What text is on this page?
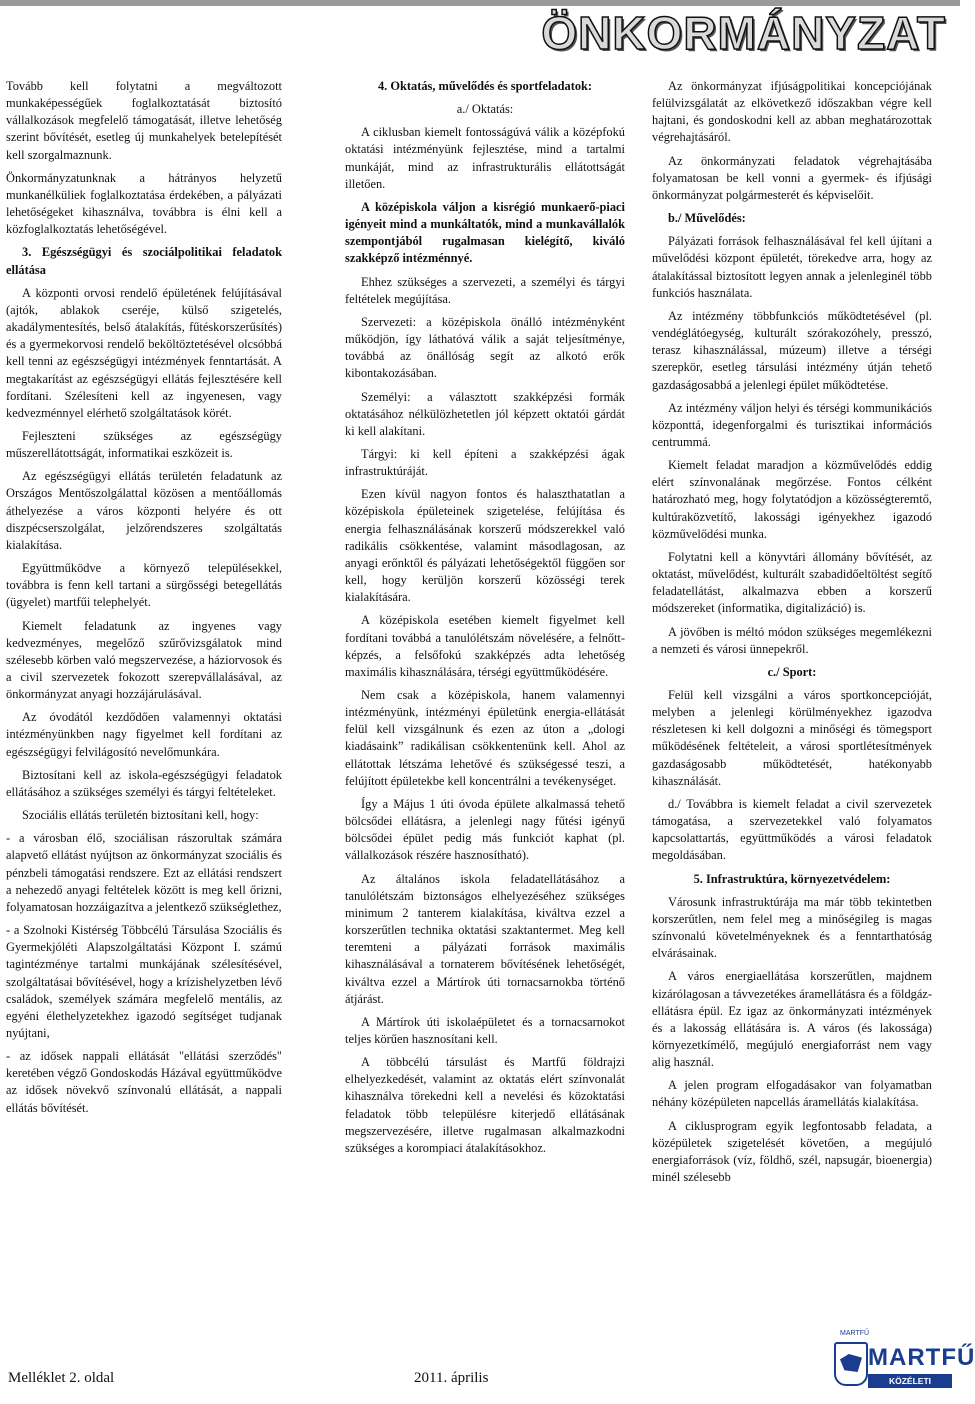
ÖNKORMÁNYZAT

Tovább kell folytatni a megváltozott munkaképességűek foglalkoztatását biztosító vállalkozások megfelelő támogatását, illetve lehetőség szerint bővítését, esetleg új munkahelyek betelepítését kell szorgalmaznunk.

Önkormányzatunknak a hátrányos helyzetű munkanélküliek foglalkoztatása érdekében, a pályázati lehetőségeket kihasználva, továbbra is élni kell a közfoglalkoztatás lehetőségével.

3. Egészségügyi és szociálpolitikai feladatok ellátása

A központi orvosi rendelő épületének felújításával (ajtók, ablakok cseréje, külső szigetelés, akadálymentesítés, belső átalakítás, fűtéskorszerűsítés) és a gyermekorvosi rendelő beköltöztetésével olcsóbbá kell tenni az egészségügyi intézmények fenntartását. A megtakarítást az egészségügyi ellátás fejlesztésére kell fordítani. Szélesíteni kell az ingyenesen, vagy kedvezménnyel elérhető szolgáltatások körét.

Fejleszteni szükséges az egészségügy műszerellátottságát, informatikai eszközeit is.

Az egészségügyi ellátás területén feladatunk az Országos Mentőszolgálattal közösen a mentőállomás áthelyezése a város központi helyére és ott diszpécserszolgálat, jelzőrendszeres szolgáltatás kialakítása.

Együttműködve a környező településekkel, továbbra is fenn kell tartani a sürgősségi betegellátás (ügyelet) martfűi telephelyét.

Kiemelt feladatunk az ingyenes vagy kedvezményes, megelőző szűrővizsgálatok mind szélesebb körben való megszervezése, a háziorvosok és a civil szervezetek fokozott szerepvállalásával, az önkormányzat anyagi hozzájárulásával.

Az óvodától kezdődően valamennyi oktatási intézményünkben nagy figyelmet kell fordítani az egészségügyi felvilágosító nevelőmunkára.

Biztosítani kell az iskola-egészségügyi feladatok ellátásához a szükséges személyi és tárgyi feltételeket.

Szociális ellátás területén biztosítani kell, hogy:

- a városban élő, szociálisan rászorultak számára alapvető ellátást nyújtson az önkormányzat szociális és pénzbeli támogatási rendszere. Ezt az ellátási rendszert a nehezedő anyagi feltételek között is meg kell őrizni, folyamatosan hozzáigazítva a jelentkező szükséglethez,

- a Szolnoki Kistérség Többcélú Társulása Szociális és Gyermekjóléti Alapszolgáltatási Központ I. számú tagintézménye tartalmi munkájának szélesítésével, szolgáltatásai bővítésével, hogy a krízishelyzetben lévő családok, személyek számára megfelelő mentális, az egyéni élethelyzetekhez igazodó segítséget tudjanak nyújtani,

- az idősek nappali ellátását "ellátási szerződés" keretében végző Gondoskodás Házával együttműködve az idősek növekvő színvonalú ellátását, a nappali ellátás bővítését.

4. Oktatás, művelődés és sportfeladatok:

a./ Oktatás:

A ciklusban kiemelt fontosságúvá válik a középfokú oktatási intézményünk fejlesztése, mind a tartalmi munkáját, mind az infrastrukturális ellátottságát illetően.

A középiskola váljon a kisrégió munkaerő-piaci igényeit mind a munkáltatók, mind a munkavállalók szempontjából rugalmasan kielégítő, kiváló szakképző intézménnyé.

Ehhez szükséges a szervezeti, a személyi és tárgyi feltételek megújítása.

Szervezeti: a középiskola önálló intézményként működjön, így láthatóvá válik a saját teljesítménye, továbbá az önállóság segít az alkotó erők kibontakozásában.

Személyi: a választott szakképzési formák oktatásához nélkülözhetetlen jól képzett oktatói gárdát ki kell alakítani.

Tárgyi: ki kell építeni a szakképzési ágak infrastruktúráját.

Ezen kívül nagyon fontos és halaszthatatlan a középiskola épületeinek szigetelése, felújítása és energia felhasználásának korszerű módszerekkel való radikális csökkentése, valamint másodlagosan, az anyagi erőnktől és pályázati lehetőségektől függően sor kell, hogy kerüljön korszerű közösségi terek kialakítására.

A középiskola esetében kiemelt figyelmet kell fordítani továbbá a tanulólétszám növelésére, a felnőtt-képzés, a felsőfokú szakképzés adta lehetőség maximális kihasználására, térségi együttműködésére.

Nem csak a középiskola, hanem valamennyi intézményünk, intézményi épületünk energia-ellátását felül kell vizsgálnunk és ezen az úton a „dologi kiadásaink” radikálisan csökkentenünk kell. Ahol az ellátottak létszáma lehetővé és szükségessé teszi, a felújított épületekbe kell koncentrálni a tevékenységet.

Így a Május 1 úti óvoda épülete alkalmassá tehető bölcsődei ellátásra, a jelenlegi nagy fűtési igényű bölcsődei épület pedig más funkciót kaphat (pl. vállalkozások részére hasznosítható).

Az általános iskola feladatellátásához a tanulólétszám biztonságos elhelyezéséhez szükséges minimum 2 tanterem kialakítása, kiváltva ezzel a korszerűtlen technika oktatási szaktantermet. Meg kell teremteni a pályázati források maximális kihasználásával a tornaterem bővítésének lehetőségét, kiváltva ezzel a Mártírok úti tornacsarnokba történő átjárást.

A Mártírok úti iskolaépületet és a tornacsarnokot teljes körűen hasznosítani kell.

A többcélú társulást és Martfű földrajzi elhelyezkedését, valamint az oktatás elért színvonalát kihasználva törekedni kell a nevelési és közoktatási feladatok több településre kiterjedő ellátásának megszervezésére, illetve rugalmasan alkalmazkodni szükséges a korompiaci átalakításokhoz.

Az önkormányzat ifjúságpolitikai koncepciójának felülvizsgálatát az elkövetkező időszakban végre kell hajtani, és gondoskodni kell az abban meghatározottak végrehajtásáról.

Az önkormányzati feladatok végrehajtásába folyamatosan be kell vonni a gyermek- és ifjúsági önkormányzat polgármesterét és képviselőit.

b./ Művelődés:

Pályázati források felhasználásával fel kell újítani a művelődési központ épületét, törekedve arra, hogy az átalakítással biztosított legyen annak a jelenleginél több funkciós használata.

Az intézmény többfunkciós működtetésével (pl. vendéglátóegység, kulturált szórakozóhely, presszó, terasz kihasználással, múzeum) illetve a térségi szerepkör, esetleg társulási intézmény útján tehető gazdaságosabbá a jelenlegi épület működtetése.

Az intézmény váljon helyi és térségi kommunikációs központtá, idegenforgalmi és turisztikai információs centrummá.

Kiemelt feladat maradjon a közművelődés eddig elért színvonalának megőrzése. Fontos célként határozható meg, hogy folytatódjon a közösségteremtő, kultúraközvetítő, lakossági igényekhez igazodó közművelődési munka.

Folytatni kell a könyvtári állomány bővítését, az oktatást, művelődést, kulturált szabadidőeltöltést segítő feladatellátást, alkalmazva ebben a korszerű módszereket (informatika, digitalizáció) is.

A jövőben is méltó módon szükséges megemlékezni a nemzeti és városi ünnepekről.

c./ Sport:

Felül kell vizsgálni a város sportkoncepcióját, melyben a jelenlegi körülményekhez igazodva részletesen ki kell dolgozni a minőségi és tömegsport működésének feltételeit, a városi sportlétesítmények gazdaságosabb működtetését, hatékonyabb kihasználását.

d./ Továbbra is kiemelt feladat a civil szervezetek támogatása, a szervezetekkel való folyamatos kapcsolattartás, együttműködés a városi feladatok megoldásában.

5. Infrastruktúra, környezetvédelem:

Városunk infrastruktúrája ma már több tekintetben korszerűtlen, nem felel meg a minőségileg is magas színvonalú követelményeknek és a fenntarthatóság elvárásainak.

A város energiaellátása korszerűtlen, majdnem kizárólagosan a távvezetékes áramellátásra és a földgáz-ellátásra épül. Ez igaz az önkormányzati intézmények és a lakosság ellátására is. A város (és lakossága) környezetkímélő, megújuló energiaforrást nem vagy alig használ.

A jelen program elfogadásakor van folyamatban néhány középületen napcellás áramellátás kialakítása.

A ciklusprogram egyik legfontosabb feladata, a középületek szigetelését követően, a megújuló energiaforrások (víz, földhő, szél, napsugár, bioenergia) minél szélesebb

Melléklet 2. oldal	2011. április
MARTFŰ
MARTFŰ
KÖZÉLETI MAGAZIN
